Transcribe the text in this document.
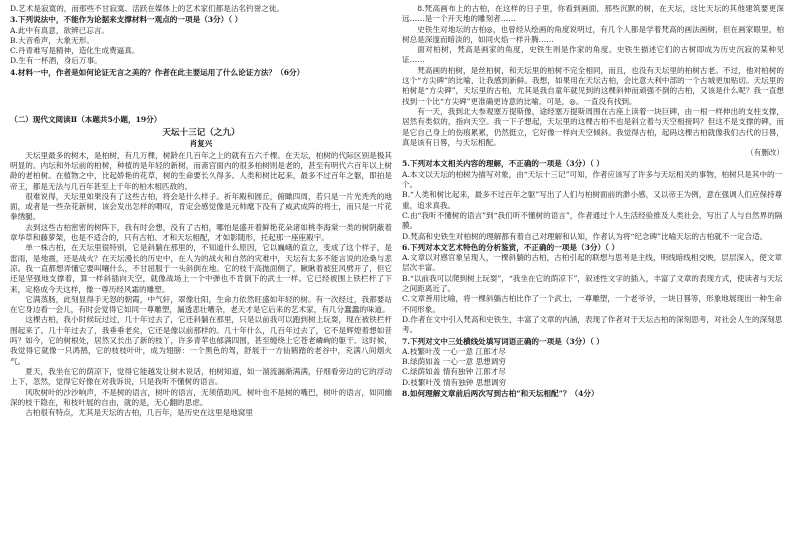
D.艺术是寂寞的，而那些不甘寂寞、活跃在媒体上的艺术家们都是沽名钓誉之徒。

3.下列说法中，不能作为论据来支撑材料一观点的一项是（3分）（ ）

A.此中有真意，欲辨已忘言。

B.大音希声，大象无形。

C.丹青难写是精神，造化生成费逼真。

D.生有一杯酒，身后万事。

4.材料一中，作者是如何论证无言之美的？作者在此主要运用了什么论证方法？（6分）

（二）现代文阅读Ⅱ（本题共5小题，19分）

天坛十三记（之九）

肖复兴

天坛里最多的树木，是柏树，有几万棵，树龄在几百年之上的就有五六千棵。在天坛，柏树的代际区别是极其明显的。内坛和外坛前的柏树，种植的是年轻的新树，而斋宫面内的很多柏树则是老的，甚至有明代六百年以上树龄的老柏树。在植物之中，比起娇艳的花草，树的生命要长久得多。人类和树比起来，最多不过百年之躯，即拍是帝王，都是无法与几百年甚至上千年的柏木相匹敌的。

很难说得，天坛里如果没有了这些古柏，将会是什么样子。祈年殿和圆丘，俯瞰四周，若只是一片光秃秃的地面，或者是一些杂花新树，该会发出怎样的喟叹，肯定会感觉像是元帅麾下没有了威武成阵的将士，而只是一片花拳绣腿。

去到这些古柏密密的树阵下，我有时会想，没有了古柏，哪怕是盛开着鲜艳花朵诸如桃李海棠一类的树阴蔽着章华草和藤萝架，也是不适合的，只有古柏、才和天坛相配，才如影随形，托起那一座座殿宇。

单一株古柏，在天坛里很特别，它是斜躺在那里的，不知道什么原因，它以巍峨的直立，变成了这个样子，是雷雨，是地震，还是战火？在天坛漫长的历史中，在人为的战火和自然的灾难中，天坛有太多不能言说的沧桑与悲凉。我一直都想弄懂它要叫嚷什么，不甘屈服于一头斜倒在地。它的枝干高抛面侧了，瞅瞅着被狂风劈开了，但它还是坚强地支撑着，算一样斜插向天空，就像战场上一个中弹也不肯倒下的武士一样。它已经被围上铁栏杆了下来，定格成今天这样，像一尊历经风霜的雕塑。

它满蒸肠，此刻显得手无怒的朝霞，中气轩，翠像壮阳，生命力依然旺盛如年轻的树。有一次经过，我都要站在它身边看一会儿，有时会觉得它如同一尊雕塑，漏透悲壮嘈杂，老天才是它后来的艺术家，有几分蠢蠢的味道。

这棵古柏，我小时候玩过过，几十年过去了，它还斜躺在那里，只是以前我可以跑到树上玩耍，现在被铁栏杆围起来了。几十年过去了，我垂垂老矣，它还是像以前那样的。几十年什么，几百年过去了，它不是辉煌着想如昔吗？如今，它的树根处，居然又长出了新的枝丫，许多青苹也郁满四围，甚至缠绕上它苍老嶙峋的躯干。这时候，我觉得它就像一只鸿鹄，它的枝枝叶叶，成为翅膀：一个黑色的驾，舒展于一方仙鹤踏的老谷中，充满八间烟火气。

夏天，我坐在它的荫凉下，觉得它能越发让树木说话，柏树知道，如一溜流漏渐满满，仔细看旁边的它的浮动上下，忽然，觉得它好像在对我诉说，只是我听不懂树的语言。

风吹树叶的沙沙响声，不是树的语言，树叶的语言，无须借助风。树叶也不是树的嘴巴，树叶的语言，如同幽深的枝干隐在，和枝叶展的自由，就的是，无心翻的思虑。

古柏很有特点，尤其是天坛的古柏，几百年，是历史在这里是地窝里

8.梵高画布上的古柏，在这样的日子里，你看到画面，那些沉默的树，在天坛，这比天坛的其他建筑要更深远……是一个开天地的雕刻者……

史铁生对地坛的古柏◎，也曾经从绘画的角度说明过，有几个人都是学着梵高的画法画树，但在画家眼里，柏树总是深邃而暗淡的，如同火焰一样升腾……

面对柏树，梵高是画家的角度，史铁生则是作家的角度。史铁生描述它们的古树即成为历史沉寂的某种见证……

梵高画的柏树，是丝柏树，和天坛里的柏树不完全相同，而且，也没有天坛里的柏树古老。不过，他对柏树的这个“方尖碑”的比喻，让我感到新鲜。我想，如果用在天坛古柏，会比意大利中部的一个古城更加贴切。天坛里的柏树是“方尖碑”，天坛里的古柏，尤其是我自童年就见到的这棵斜伸而顽强不倒的古柏，又该是什么呢？我一直想找到一个比“方尖碑”更准确更诗意的比喻。可是，◎。一直没有找到。

有一天，我到北大参观塞万提斯像，途经塞万提斯周围在古座上读着一块巨碑，由一根一样伸出的支柱支撑，居然有类似的，指向天空。我一下子想起，天坛里的这棵古柏不也是斜立着与天空相接吗？但这不是支撑的碑，而是它自己身上的伤痕累累，仍然挺立，它好像一样向天空倾斜。我觉得古柏，起码这棵古柏就像我们古代的日晷，真是该有日晷，与天坛相配。

（有删改）

5.下列对本文相关内容的理解，不正确的一项是（3分）（ ）

A.本文以天坛的柏树为描写对象，由“天坛十三记”可知，作者应该写了许多与天坛相关的事物，柏树只是其中的一个。

B.“人类和树比起来，最多不过百年之躯”写出了人们与柏树面前的渺小感，又以帝王为例，意在强调人们应保持尊重，追求真我。

C.由“我听不懂树的语言”到“我们听不懂树的语言”，作者通过个人生活经验推及人类社会，写出了人与自然界的隔膜。

D.梵高和史铁生对柏树的理解都有着自己对理解和认知，作者认为将“纪念碑”比喻天坛的古柏就不一定合适。

6.下列对本文艺术特色的分析鉴赏，不正确的一项是（3分）（ ）

A.文章以对感官象呈现人，一棵斜躺的古柏，古柏引起的联想与思考是主线，明线暗线相交映，层层深入，使文章层次丰富。

B.“以前我可以爬到树上玩耍”，“我坐在它的荫凉下”，叙述性文字的插入，丰富了文章的表现方式，使读者与天坛之间距离近了。

C.文章善用比喻，将一棵斜躺古柏比作了一个武士，一尊雕塑，一个老爷爷，一块日晷等，形象地展现出一种生命不同形象。

D.作者在文中引入梵高和史铁生，丰富了文章的内涵，表现了作者对于天坛古柏的深刻思考，对社会人生的深刻思考。

7.下列对文中三处横线处填写词语正确的一项是（3分）（ ）

A.枝繁叶茂 一心一意 江郎才尽

B.绿荫如盖 一心一意 思想调穷

C.绿荫如盖 情有独钟 江郎才尽

D.枝繁叶茂 情有独钟 思想调穷

8.如何理解文章前后两次写到古柏“和天坛相配”？（4分）
